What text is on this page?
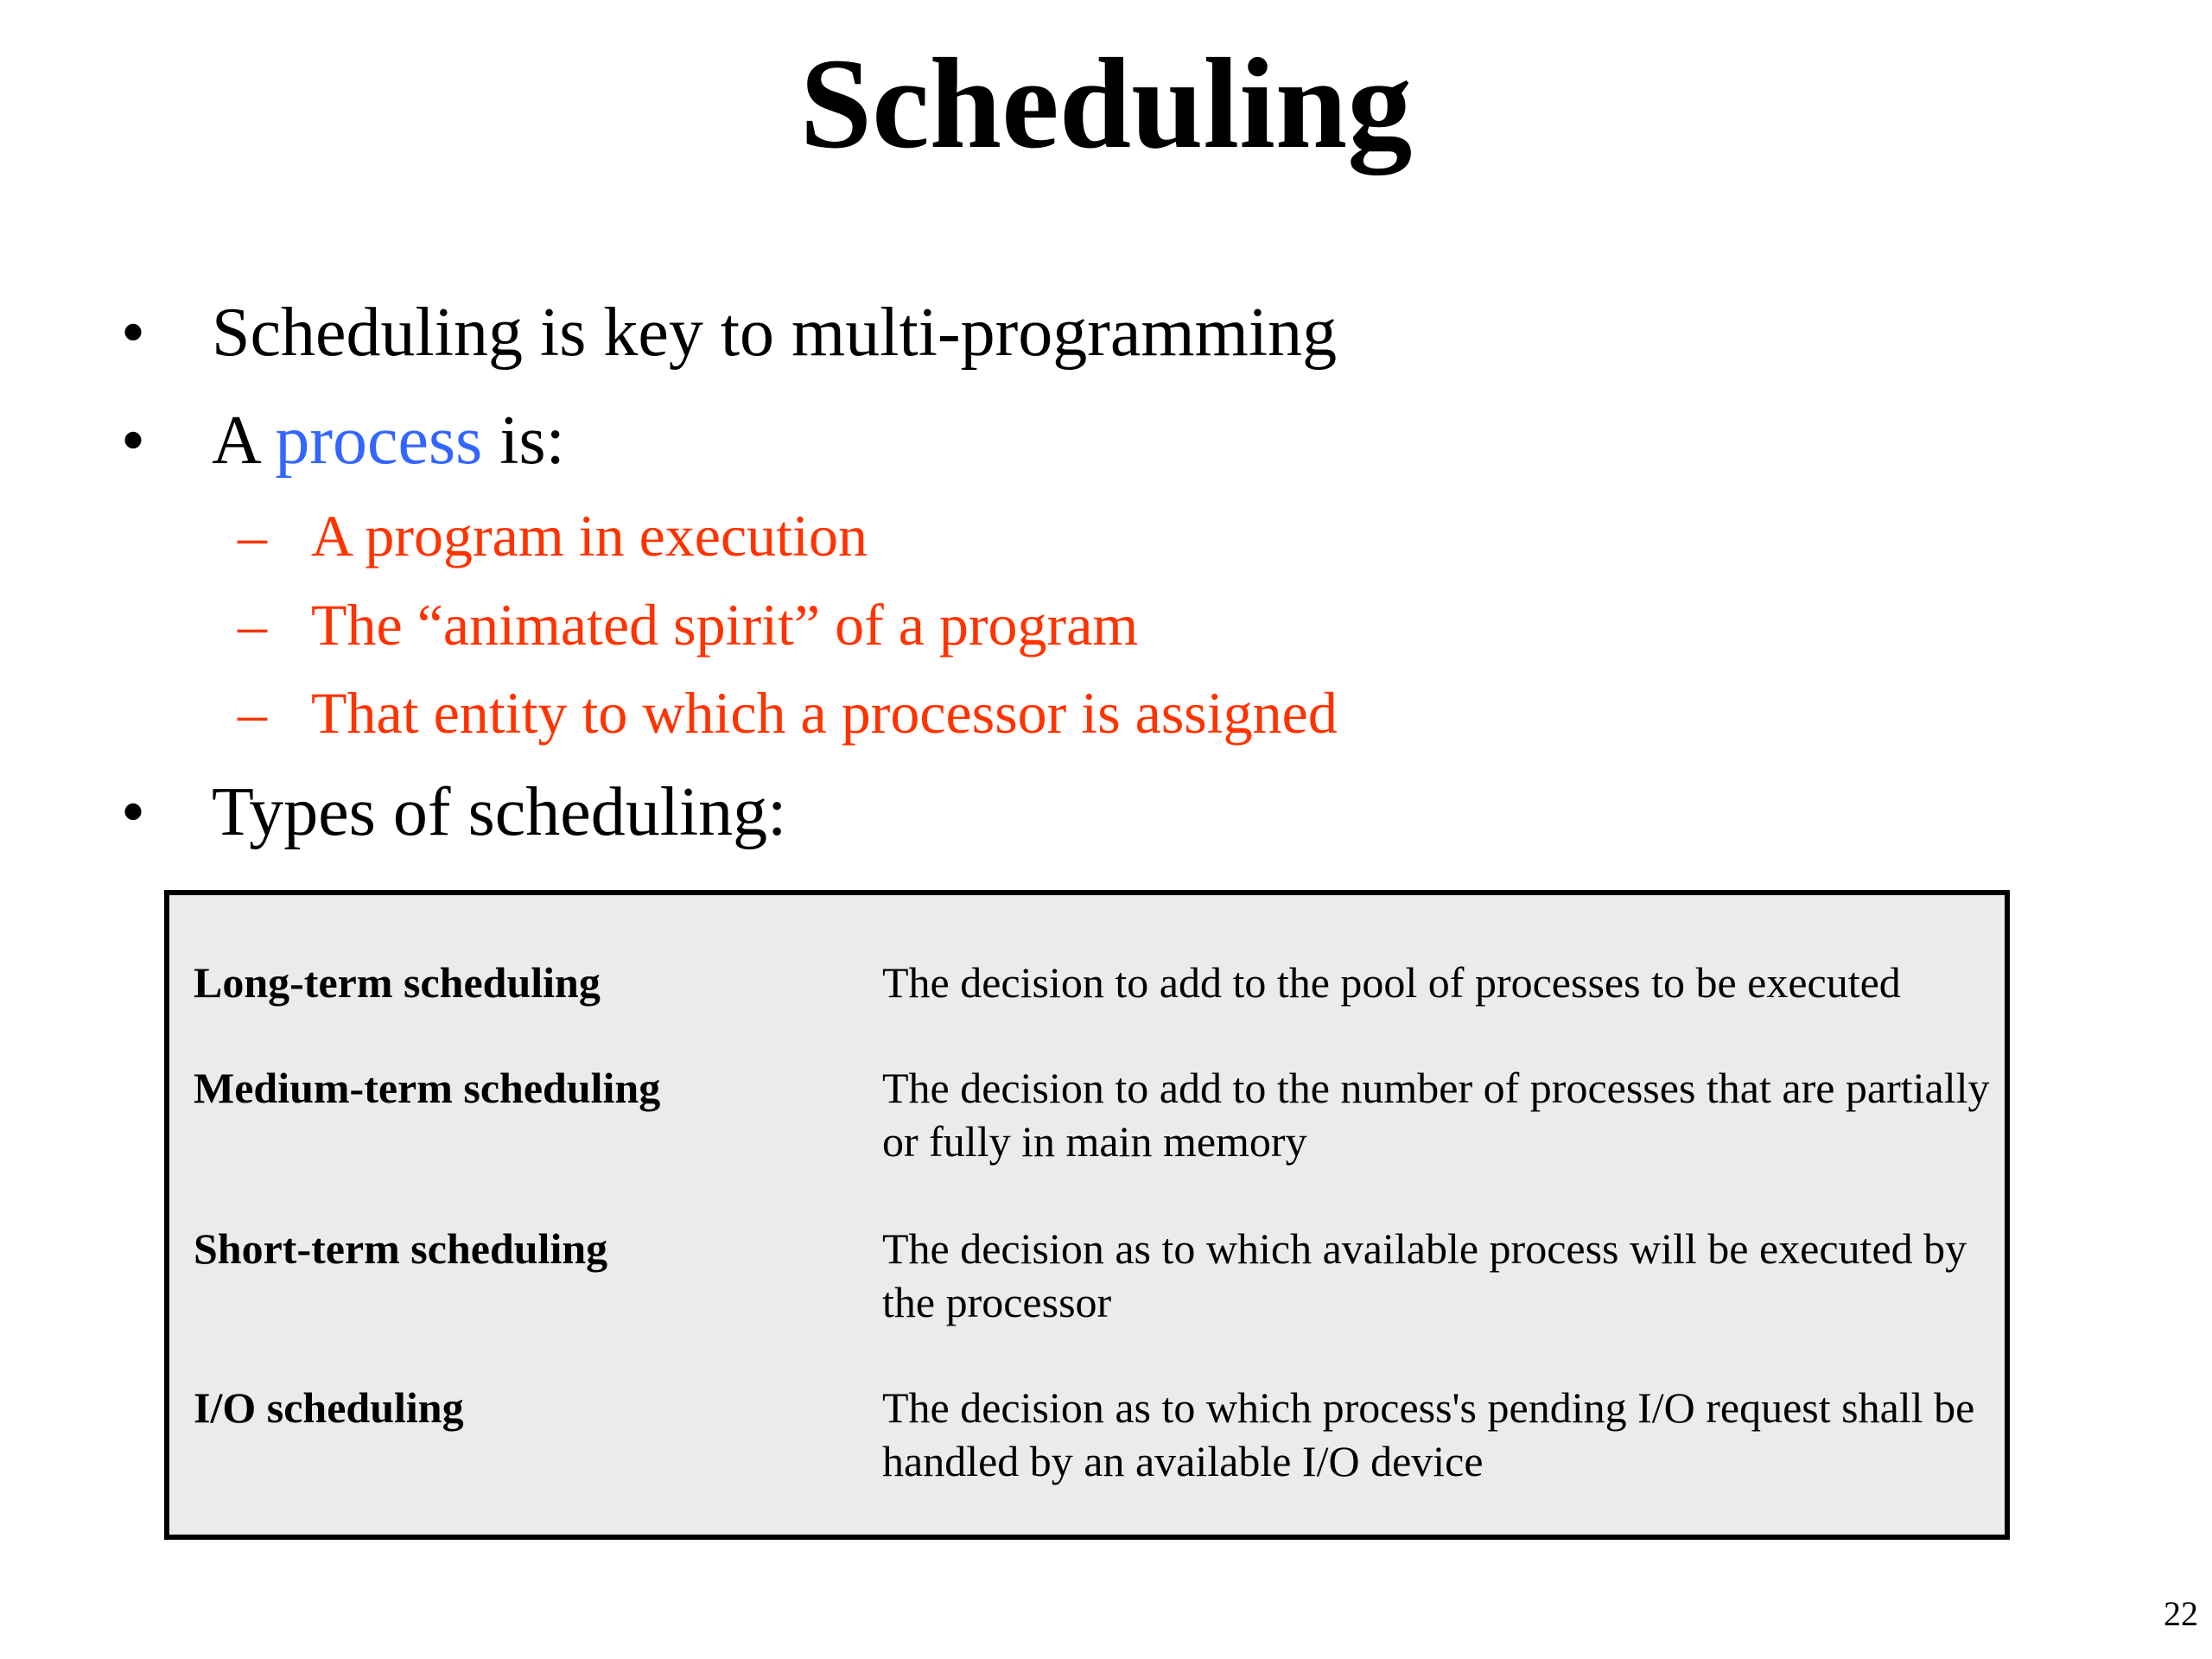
Scheduling
• Scheduling is key to multi-programming
• A process is:
– A program in execution
– The “animated spirit” of a program
– That entity to which a processor is assigned
• Types of scheduling:
Long-term scheduling	The decision to add to the pool of processes to be executed
Medium-term scheduling	The decision to add to the number of processes that are partially or fully in main memory
Short-term scheduling	The decision as to which available process will be executed by the processor
I/O scheduling	The decision as to which process's pending I/O request shall be handled by an available I/O device
22
